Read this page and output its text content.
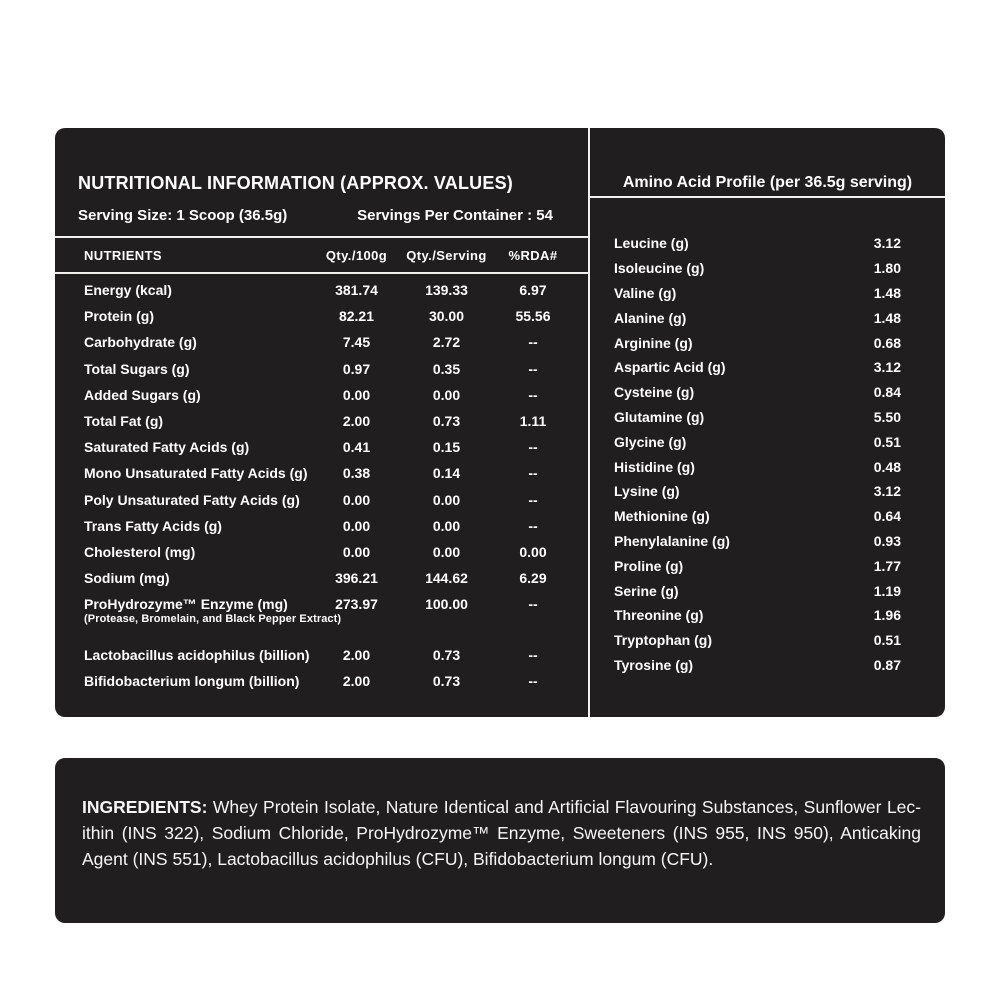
NUTRITIONAL INFORMATION (APPROX. VALUES)
Serving Size: 1 Scoop (36.5g)	Servings Per Container : 54
NUTRIENTS	Qty./100g	Qty./Serving	%RDA#
Energy (kcal)	381.74	139.33	6.97
Protein (g)	82.21	30.00	55.56
Carbohydrate (g)	7.45	2.72	--
Total Sugars (g)	0.97	0.35	--
Added Sugars (g)	0.00	0.00	--
Total Fat (g)	2.00	0.73	1.11
Saturated Fatty Acids (g)	0.41	0.15	--
Mono Unsaturated Fatty Acids (g)	0.38	0.14	--
Poly Unsaturated Fatty Acids (g)	0.00	0.00	--
Trans Fatty Acids (g)	0.00	0.00	--
Cholesterol (mg)	0.00	0.00	0.00
Sodium (mg)	396.21	144.62	6.29
ProHydrozyme™ Enzyme (mg)	273.97	100.00	--
(Protease, Bromelain, and Black Pepper Extract)
Lactobacillus acidophilus (billion)	2.00	0.73	--
Bifidobacterium longum (billion)	2.00	0.73	--
Amino Acid Profile (per 36.5g serving)
Leucine (g)	3.12
Isoleucine (g)	1.80
Valine (g)	1.48
Alanine (g)	1.48
Arginine (g)	0.68
Aspartic Acid (g)	3.12
Cysteine (g)	0.84
Glutamine (g)	5.50
Glycine (g)	0.51
Histidine (g)	0.48
Lysine (g)	3.12
Methionine (g)	0.64
Phenylalanine (g)	0.93
Proline (g)	1.77
Serine (g)	1.19
Threonine (g)	1.96
Tryptophan (g)	0.51
Tyrosine (g)	0.87
INGREDIENTS: Whey Protein Isolate, Nature Identical and Artificial Flavouring Substances, Sunflower Lec-
ithin (INS 322), Sodium Chloride, ProHydrozyme™ Enzyme, Sweeteners (INS 955, INS 950), Anticaking
Agent (INS 551), Lactobacillus acidophilus (CFU), Bifidobacterium longum (CFU).
